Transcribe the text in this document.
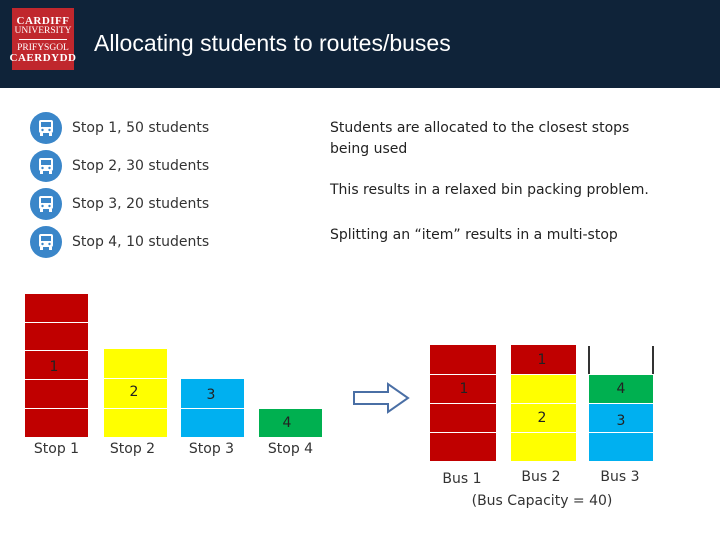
CARDIFF
UNIVERSITY
PRIFYSGOL
CAERDYDD
Allocating students to routes/buses
Stop 1, 50 students
Stop 2, 30 students
Stop 3, 20 students
Stop 4, 10 students
Students are allocated to the closest stops being used
This results in a relaxed bin packing problem.
Splitting an “item” results in a multi-stop
1
2	3
4
Stop 1	Stop 2	Stop 3	Stop 4
1
1
2
4
3
Bus 1	Bus 2	Bus 3
(Bus Capacity = 40)
